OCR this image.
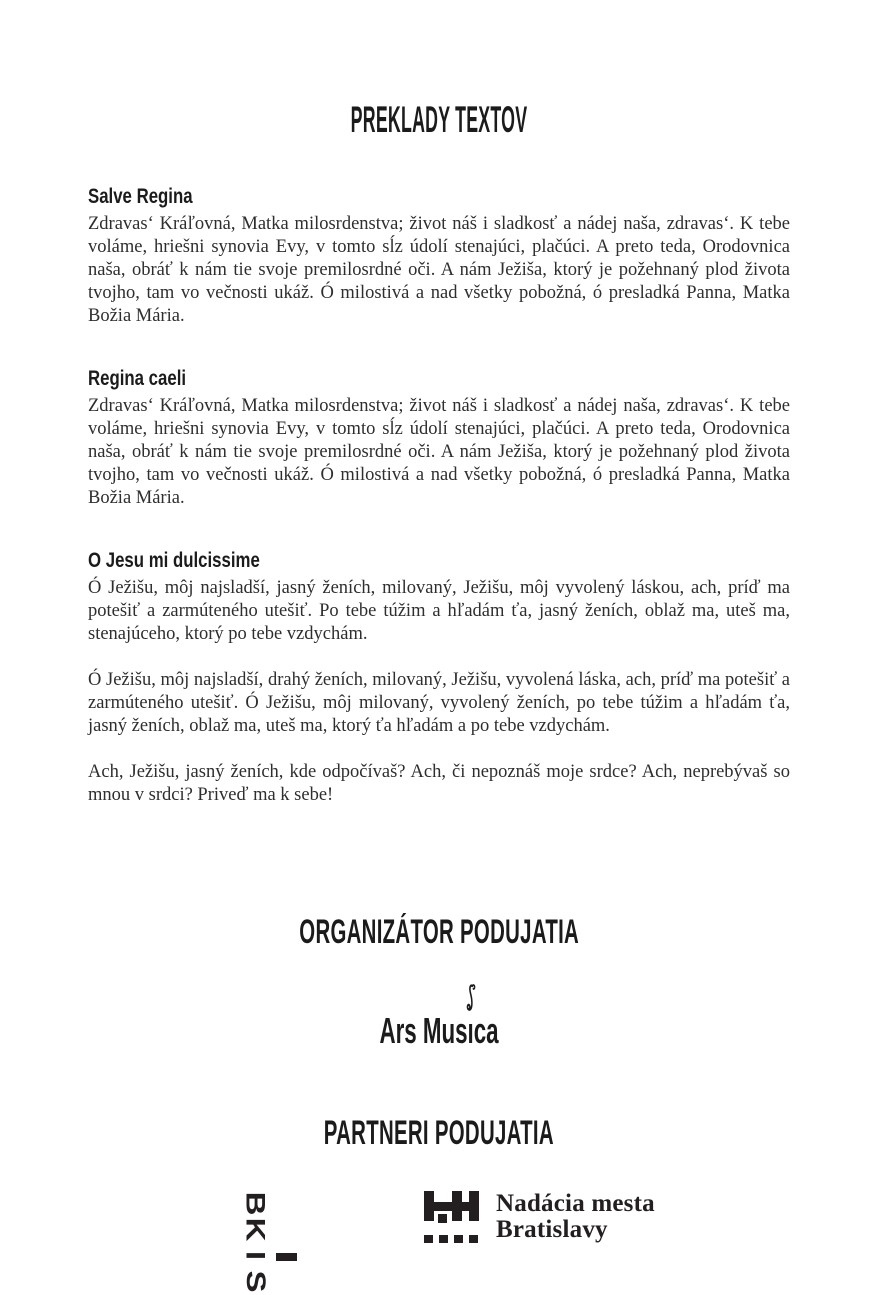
PREKLADY TEXTOV
Salve Regina

Zdravasʻ Kráľovná, Matka milosrdenstva; život náš i sladkosť a nádej naša, zdravasʻ. K tebe voláme, hriešni synovia Evy, v tomto sĺz údolí stenajúci, plačúci. A preto teda, Orodovnica naša, obráť k nám tie svoje premilosrdné oči. A nám Ježiša, ktorý je požehnaný plod života tvojho, tam vo večnosti ukáž. Ó milostivá a nad všetky pobožná, ó presladká Panna, Matka Božia Mária.

Regina caeli

Zdravasʻ Kráľovná, Matka milosrdenstva; život náš i sladkosť a nádej naša, zdravasʻ. K tebe voláme, hriešni synovia Evy, v tomto sĺz údolí stenajúci, plačúci. A preto teda, Orodovnica naša, obráť k nám tie svoje premilosrdné oči. A nám Ježiša, ktorý je požehnaný plod života tvojho, tam vo večnosti ukáž. Ó milostivá a nad všetky pobožná, ó presladká Panna, Matka Božia Mária.

O Jesu mi dulcissime

Ó Ježišu, môj najsladší, jasný ženích, milovaný, Ježišu, môj vyvolený láskou, ach, príď ma potešiť a zarmúteného utešiť. Po tebe túžim a hľadám ťa, jasný ženích, oblaž ma, uteš ma, stenajúceho, ktorý po tebe vzdychám.

Ó Ježišu, môj najsladší, drahý ženích, milovaný, Ježišu, vyvolená láska, ach, príď ma potešiť a zarmúteného utešiť. Ó Ježišu, môj milovaný, vyvolený ženích, po tebe túžim a hľadám ťa, jasný ženích, oblaž ma, uteš ma, ktorý ťa hľadám a po tebe vzdychám.

Ach, Ježišu, jasný ženích, kde odpočívaš? Ach, či nepoznáš moje srdce? Ach, neprebývaš so mnou v srdci? Priveď ma k sebe!

ORGANIZÁTOR PODUJATIA
Ars Mus
ıca
PARTNERI PODUJATIA
B
K
I
S
Nadácia mesta
Bratislavy
